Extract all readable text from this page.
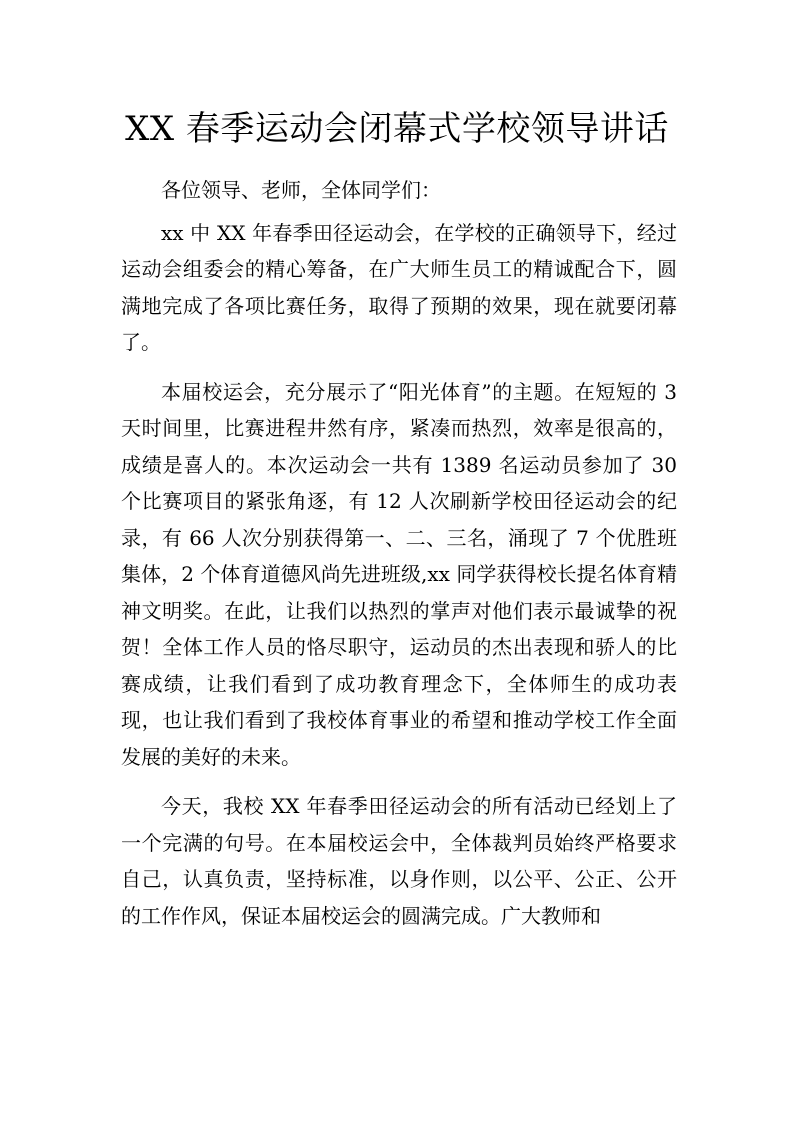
XX 春季运动会闭幕式学校领导讲话

各位领导、老师，全体同学们：

xx 中 XX 年春季田径运动会，在学校的正确领导下，经过运动会组委会的精心筹备，在广大师生员工的精诚配合下，圆满地完成了各项比赛任务，取得了预期的效果，现在就要闭幕了。

本届校运会，充分展示了“阳光体育”的主题。在短短的 3 天时间里，比赛进程井然有序，紧凑而热烈，效率是很高的，成绩是喜人的。本次运动会一共有 1389 名运动员参加了 30 个比赛项目的紧张角逐，有 12 人次刷新学校田径运动会的纪录，有 66 人次分别获得第一、二、三名，涌现了 7 个优胜班集体，2 个体育道德风尚先进班级,xx 同学获得校长提名体育精神文明奖。在此，让我们以热烈的掌声对他们表示最诚挚的祝贺！全体工作人员的恪尽职守，运动员的杰出表现和骄人的比赛成绩，让我们看到了成功教育理念下，全体师生的成功表现，也让我们看到了我校体育事业的希望和推动学校工作全面发展的美好的未来。

今天，我校 XX 年春季田径运动会的所有活动已经划上了一个完满的句号。在本届校运会中，全体裁判员始终严格要求自己，认真负责，坚持标准，以身作则，以公平、公正、公开的工作作风，保证本届校运会的圆满完成。广大教师和
